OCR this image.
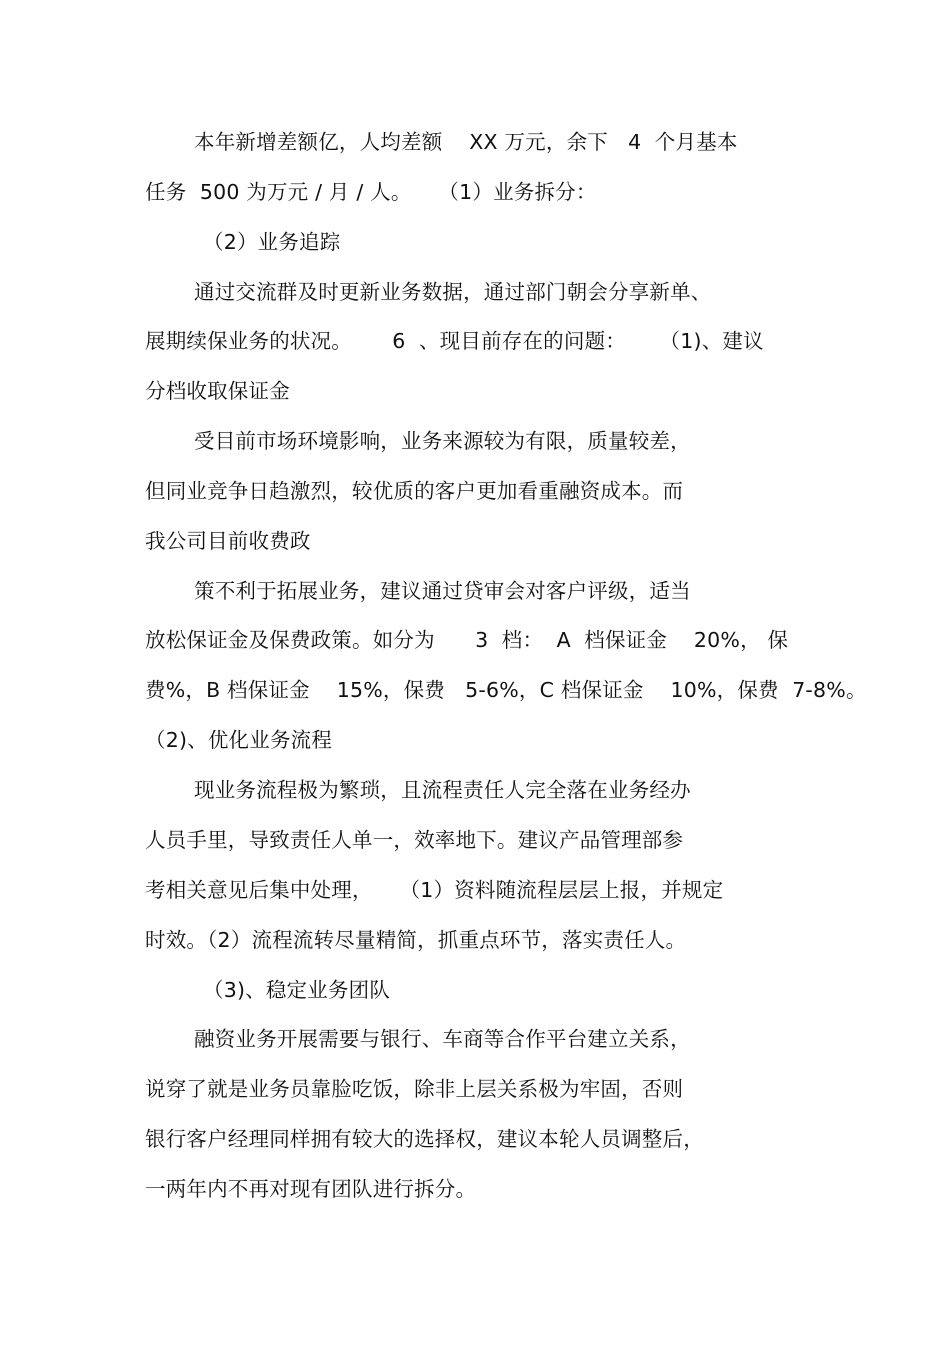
本年新增差额亿，人均差额    XX 万元，余下   4  个月基本
任务  500 为万元 / 月 / 人。    （1）业务拆分：
（2）业务追踪
通过交流群及时更新业务数据，通过部门朝会分享新单、
展期续保业务的状况。      6  、现目前存在的问题：     （1)、建议
分档收取保证金
受目前市场环境影响，业务来源较为有限，质量较差，
但同业竞争日趋激烈，较优质的客户更加看重融资成本。而
我公司目前收费政
策不利于拓展业务，建议通过贷审会对客户评级，适当
放松保证金及保费政策。如分为      3  档：  A  档保证金    20%， 保
费%，B 档保证金    15%，保费   5-6%，C 档保证金    10%，保费  7-8%。
（2)、优化业务流程
现业务流程极为繁琐，且流程责任人完全落在业务经办
人员手里，导致责任人单一，效率地下。建议产品管理部参
考相关意见后集中处理，    （1）资料随流程层层上报，并规定
时效。（2）流程流转尽量精简，抓重点环节，落实责任人。
（3)、稳定业务团队
融资业务开展需要与银行、车商等合作平台建立关系，
说穿了就是业务员靠脸吃饭，除非上层关系极为牢固，否则
银行客户经理同样拥有较大的选择权，建议本轮人员调整后，
一两年内不再对现有团队进行拆分。
